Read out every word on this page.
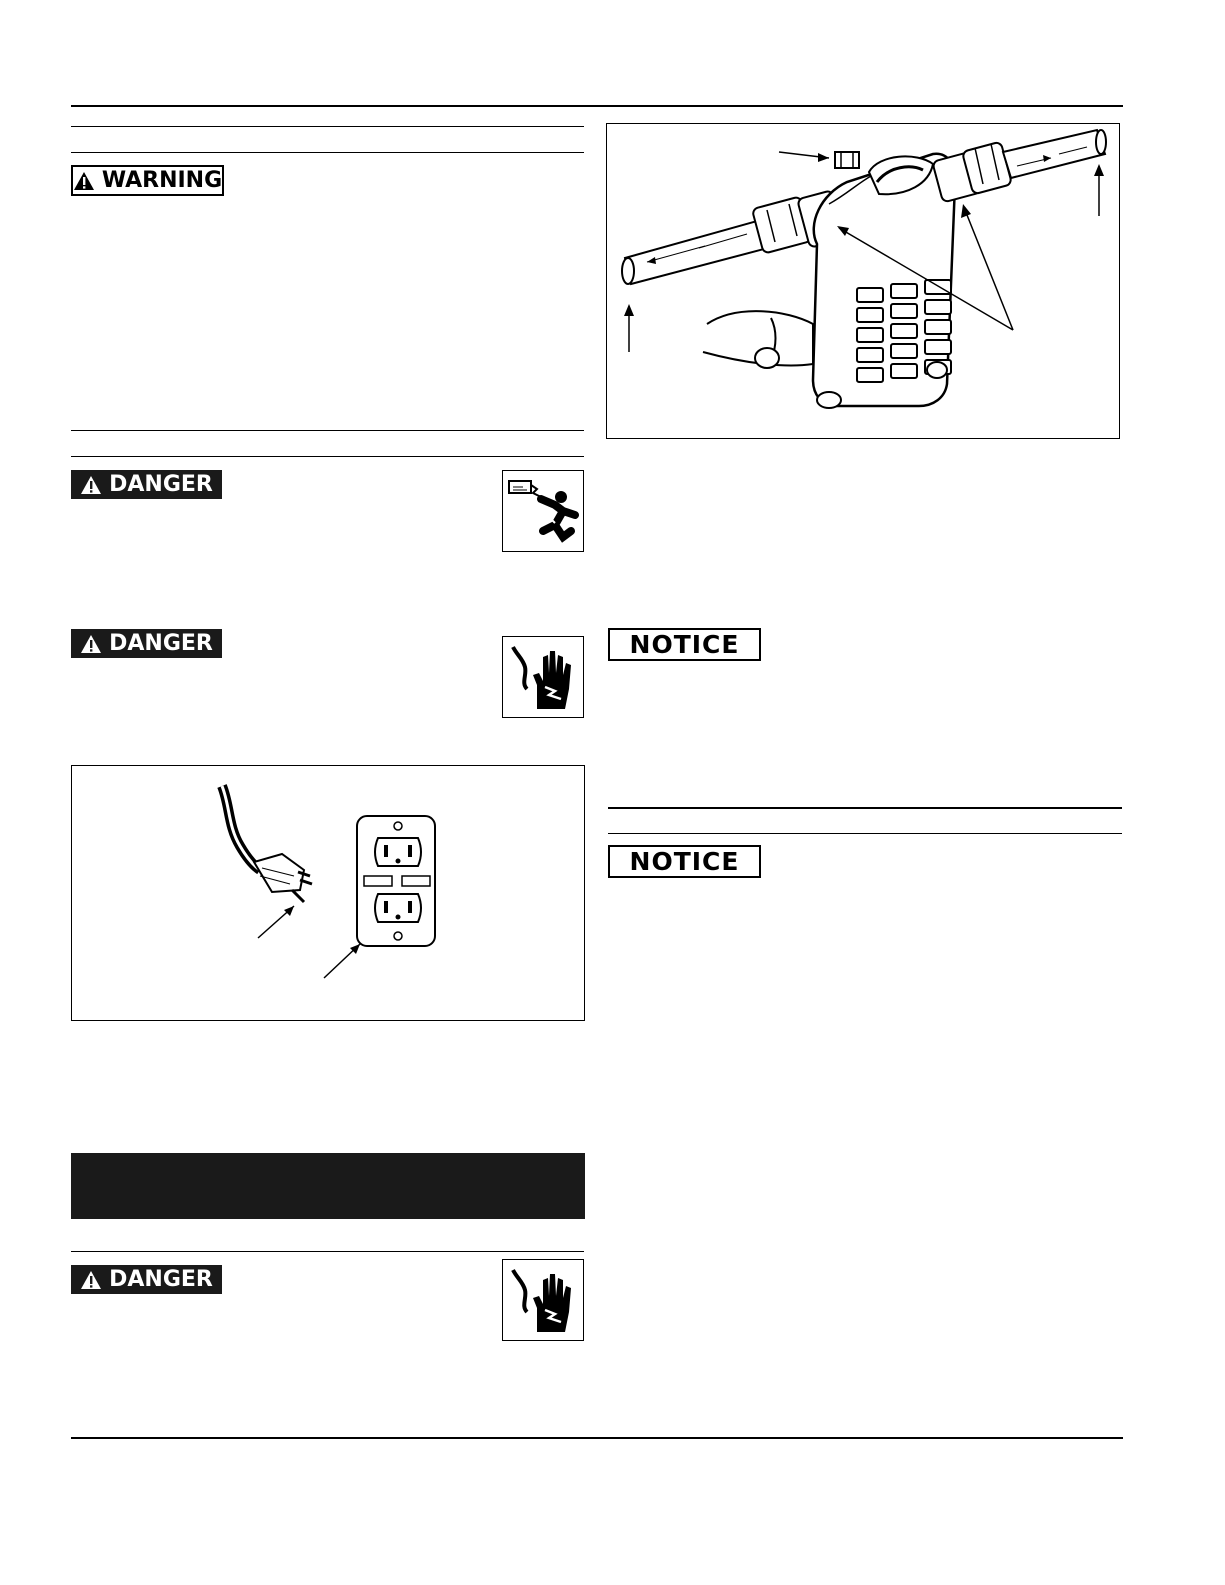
WARNING
DANGER
DANGER
DANGER
NOTICE
NOTICE
